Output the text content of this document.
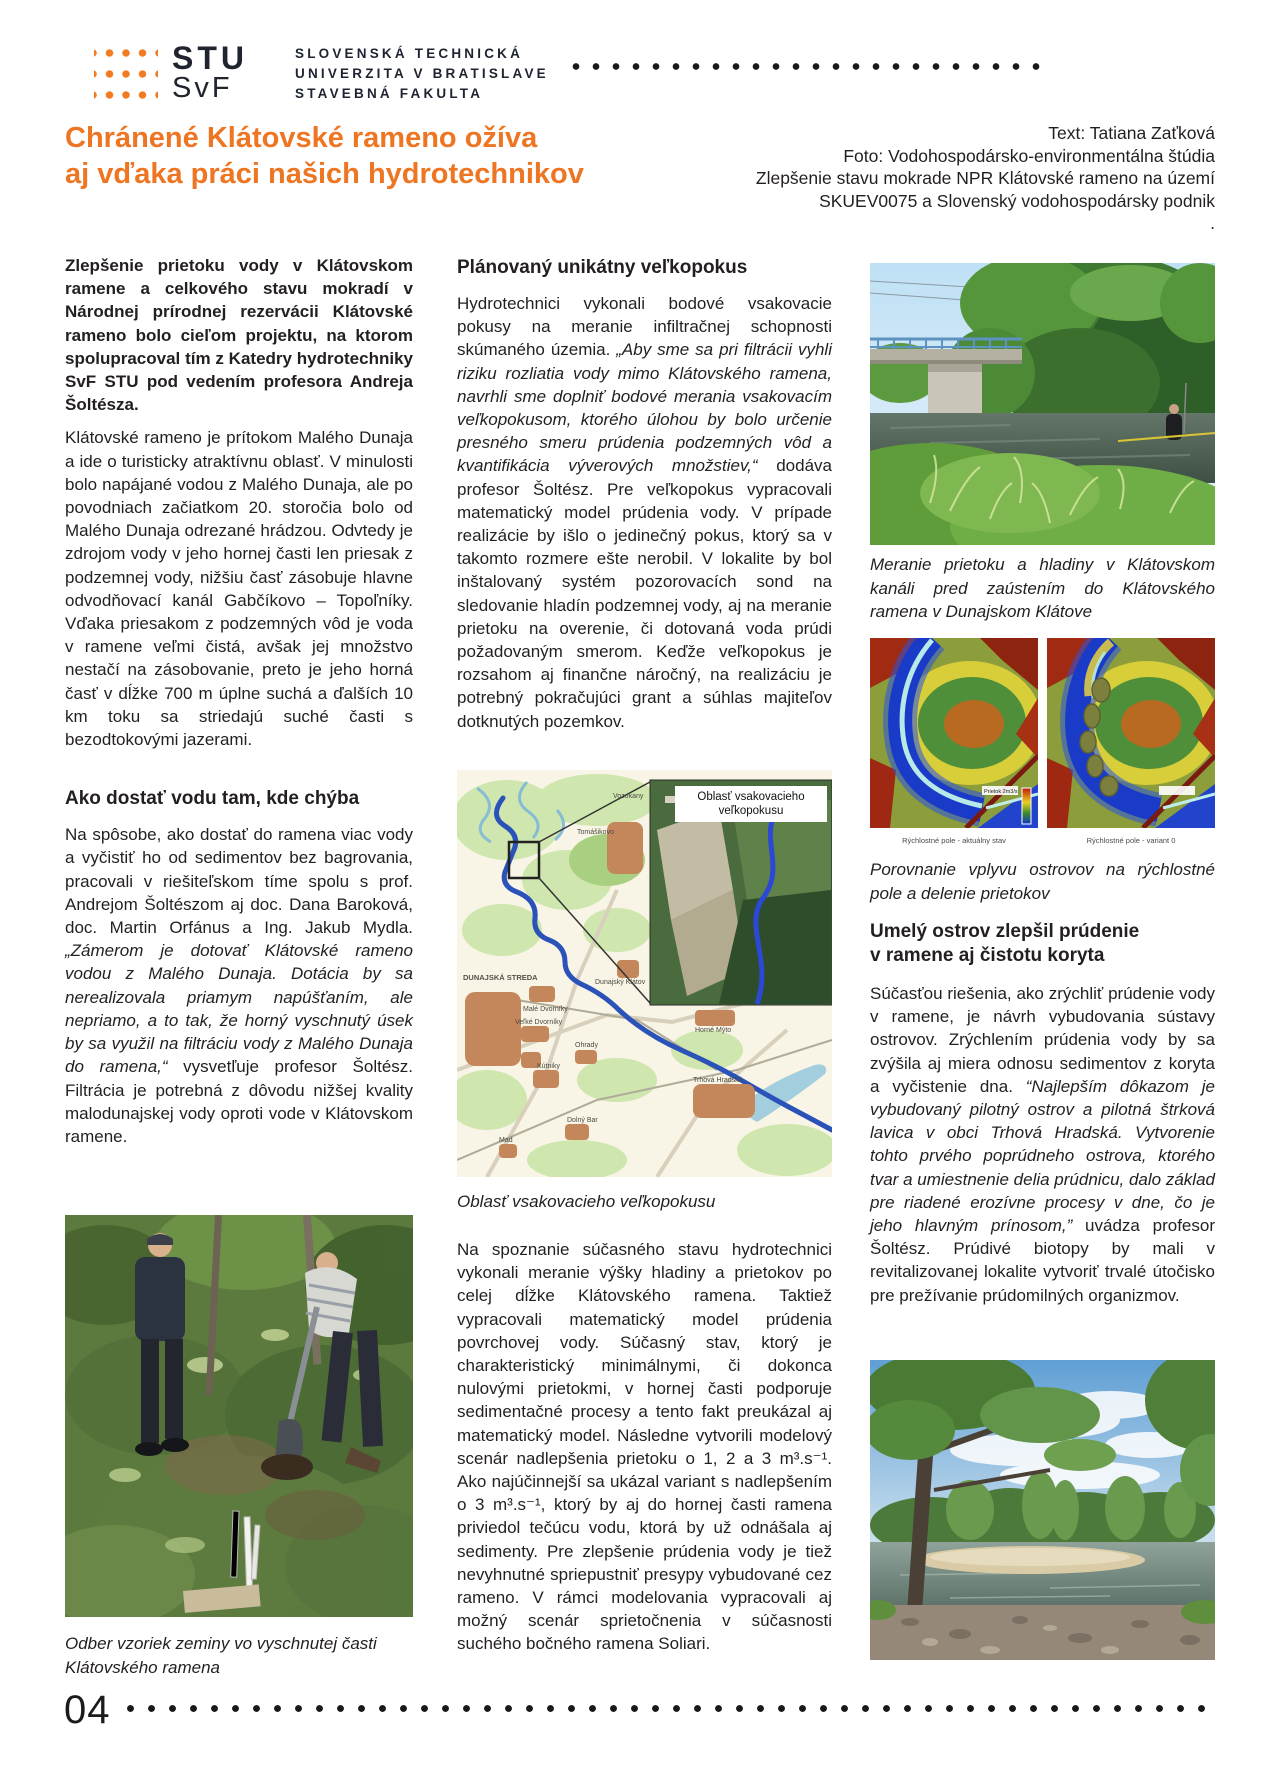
STU
SvF
SLOVENSKÁ TECHNICKÁ
UNIVERZITA V BRATISLAVE
STAVEBNÁ FAKULTA
Chránené Klátovské rameno ožíva
aj vďaka práci našich hydrotechnikov
Text: Tatiana Zaťková
Foto: Vodohospodársko-environmentálna štúdia
Zlepšenie stavu mokrade NPR Klátovské rameno na území
SKUEV0075 a Slovenský vodohospodársky podnik
.

Zlepšenie prietoku vody v Klátovskom ramene a celkového stavu mokradí v Národnej prírodnej rezervácii Klátovské rameno bolo cieľom projektu, na ktorom spolupracoval tím z Katedry hydrotechniky SvF STU pod vedením profesora Andreja Šoltésza.

Klátovské rameno je prítokom Malého Dunaja a ide o turisticky atraktívnu oblasť. V minulosti bolo napájané vodou z Malého Dunaja, ale po povodniach začiatkom 20. storočia bolo od Malého Dunaja odrezané hrádzou. Odvtedy je zdrojom vody v jeho hornej časti len priesak z podzemnej vody, nižšiu časť zásobuje hlavne odvodňovací kanál Gabčíkovo – Topoľníky. Vďaka priesakom z podzemných vôd je voda v ramene veľmi čistá, avšak jej množstvo nestačí na zásobovanie, preto je jeho horná časť v dĺžke 700 m úplne suchá a ďalších 10 km toku sa striedajú suché časti s bezodtokovými jazerami.

Ako dostať vodu tam, kde chýba

Na spôsobe, ako dostať do ramena viac vody a vyčistiť ho od sedimentov bez bagrovania, pracovali v riešiteľskom tíme spolu s prof. Andrejom Šoltészom aj doc. Dana Baroková, doc. Martin Orfánus a Ing. Jakub Mydla. „Zámerom je dotovať Klátovské rameno vodou z Malého Dunaja. Dotácia by sa nerealizovala priamym napúšťaním, ale nepriamo, a to tak, že horný vyschnutý úsek by sa využil na filtráciu vody z Malého Dunaja do ramena,“ vysvetľuje profesor Šoltész. Filtrácia je potrebná z dôvodu nižšej kvality malodunajskej vody oproti vode v Klátovskom ramene.

Odber vzoriek zeminy vo vyschnutej časti Klátovského ramena
Plánovaný unikátny veľkopokus

Hydrotechnici vykonali bodové vsakovacie pokusy na meranie infiltračnej schopnosti skúmaného územia. „Aby sme sa pri filtrácii vyhli riziku rozliatia vody mimo Klátovského ramena, navrhli sme doplniť bodové merania vsakovacím veľkopokusom, ktorého úlohou by bolo určenie presného smeru prúdenia podzemných vôd a kvantifikácia výverových množstiev,“ dodáva profesor Šoltész. Pre veľkopokus vypracovali matematický model prúdenia vody. V prípade realizácie by išlo o jedinečný pokus, ktorý sa v takomto rozmere ešte nerobil. V lokalite by bol inštalovaný systém pozorovacích sond na sledovanie hladín podzemnej vody, aj na meranie prietoku na overenie, či dotovaná voda prúdi požadovaným smerom. Keďže veľkopokus je rozsahom aj finančne náročný, na realizáciu je potrebný pokračujúci grant a súhlas majiteľov dotknutých pozemkov.

Vozokany
Tomášikovo
Dunajský Klátov
DUNAJSKÁ STREDA
Malé Dvorníky
Veľké Dvorníky
Ohrady
Horné Mýto
Kútniky
Dolný Bar
Mad
Trhová Hradská
Oblasť vsakovacieho veľkopokusu
Oblasť vsakovacieho veľkopokusu

Na spoznanie súčasného stavu hydrotechnici vykonali meranie výšky hladiny a prietokov po celej dĺžke Klátovského ramena. Taktiež vypracovali matematický model prúdenia povrchovej vody. Súčasný stav, ktorý je charakteristický minimálnymi, či dokonca nulovými prietokmi, v hornej časti podporuje sedimentačné procesy a tento fakt preukázal aj matematický model. Následne vytvorili modelový scenár nadlepšenia prietoku o 1, 2 a 3 m³.s⁻¹. Ako najúčinnejší sa ukázal variant s nadlepšením o 3 m³.s⁻¹, ktorý by aj do hornej časti ramena priviedol tečúcu vodu, ktorá by už odnášala aj sedimenty. Pre zlepšenie prúdenia vody je tiež nevyhnutné spriepustniť presypy vybudované cez rameno. V rámci modelovania vypracovali aj možný scenár sprietočnenia v súčasnosti suchého bočného ramena Soliari.

Meranie prietoku a hladiny v Klátovskom kanáli pred zaústením do Klátovského ramena v Dunajskom Klátove
Prietok 2m3/s
Rýchlostné pole - aktuálny stav	Rýchlostné pole - variant 0
Porovnanie vplyvu ostrovov na rýchlostné pole a delenie prietokov
Umelý ostrov zlepšil prúdenie
v ramene aj čistotu koryta

Súčasťou riešenia, ako zrýchliť prúdenie vody v ramene, je návrh vybudovania sústavy ostrovov. Zrýchlením prúdenia vody by sa zvýšila aj miera odnosu sedimentov z koryta a vyčistenie dna. “Najlepším dôkazom je vybudovaný pilotný ostrov a pilotná štrková lavica v obci Trhová Hradská. Vytvorenie tohto prvého poprúdneho ostrova, ktorého tvar a umiestnenie delia prúdnicu, dalo základ pre riadené erozívne procesy v dne, čo je jeho hlavným prínosom,” uvádza profesor Šoltész. Prúdivé biotopy by mali v revitalizovanej lokalite vytvoriť trvalé útočisko pre prežívanie prúdomilných organizmov.

04
